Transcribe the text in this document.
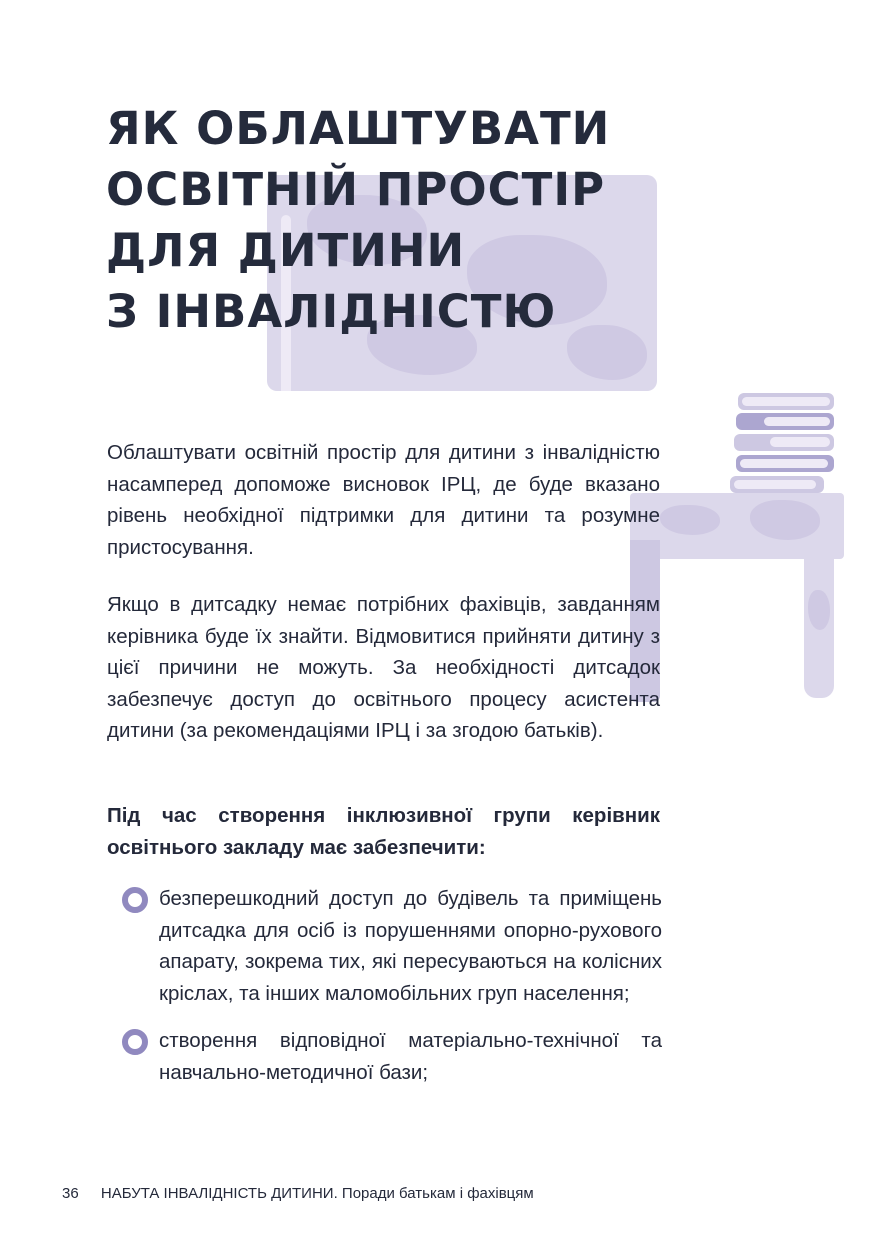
ЯК ОБЛАШТУВАТИ
ОСВІТНІЙ ПРОСТІР
ДЛЯ ДИТИНИ
З ІНВАЛІДНІСТЮ

Облаштувати освітній простір для дитини з інвалідністю насамперед допоможе висновок ІРЦ, де буде вказано рівень необхідної підтримки для дитини та розумне пристосування.

Якщо в дитсадку немає потрібних фахівців, завданням керівника буде їх знайти. Відмовитися прийняти дитину з цієї причини не можуть. За необхідності дитсадок забезпечує доступ до освітнього процесу асистента дитини (за рекомендаціями ІРЦ і за згодою батьків).

Під час створення інклюзивної групи керівник освітнього закладу має забезпечити:

безперешкодний доступ до будівель та приміщень дитсадка для осіб із порушеннями опорно-рухового апарату, зокрема тих, які пересуваються на колісних кріслах, та інших маломобільних груп населення;
створення відповідної матеріально-технічної та навчально-методичної бази;
36 НАБУТА ІНВАЛІДНІСТЬ ДИТИНИ. Поради батькам і фахівцям
